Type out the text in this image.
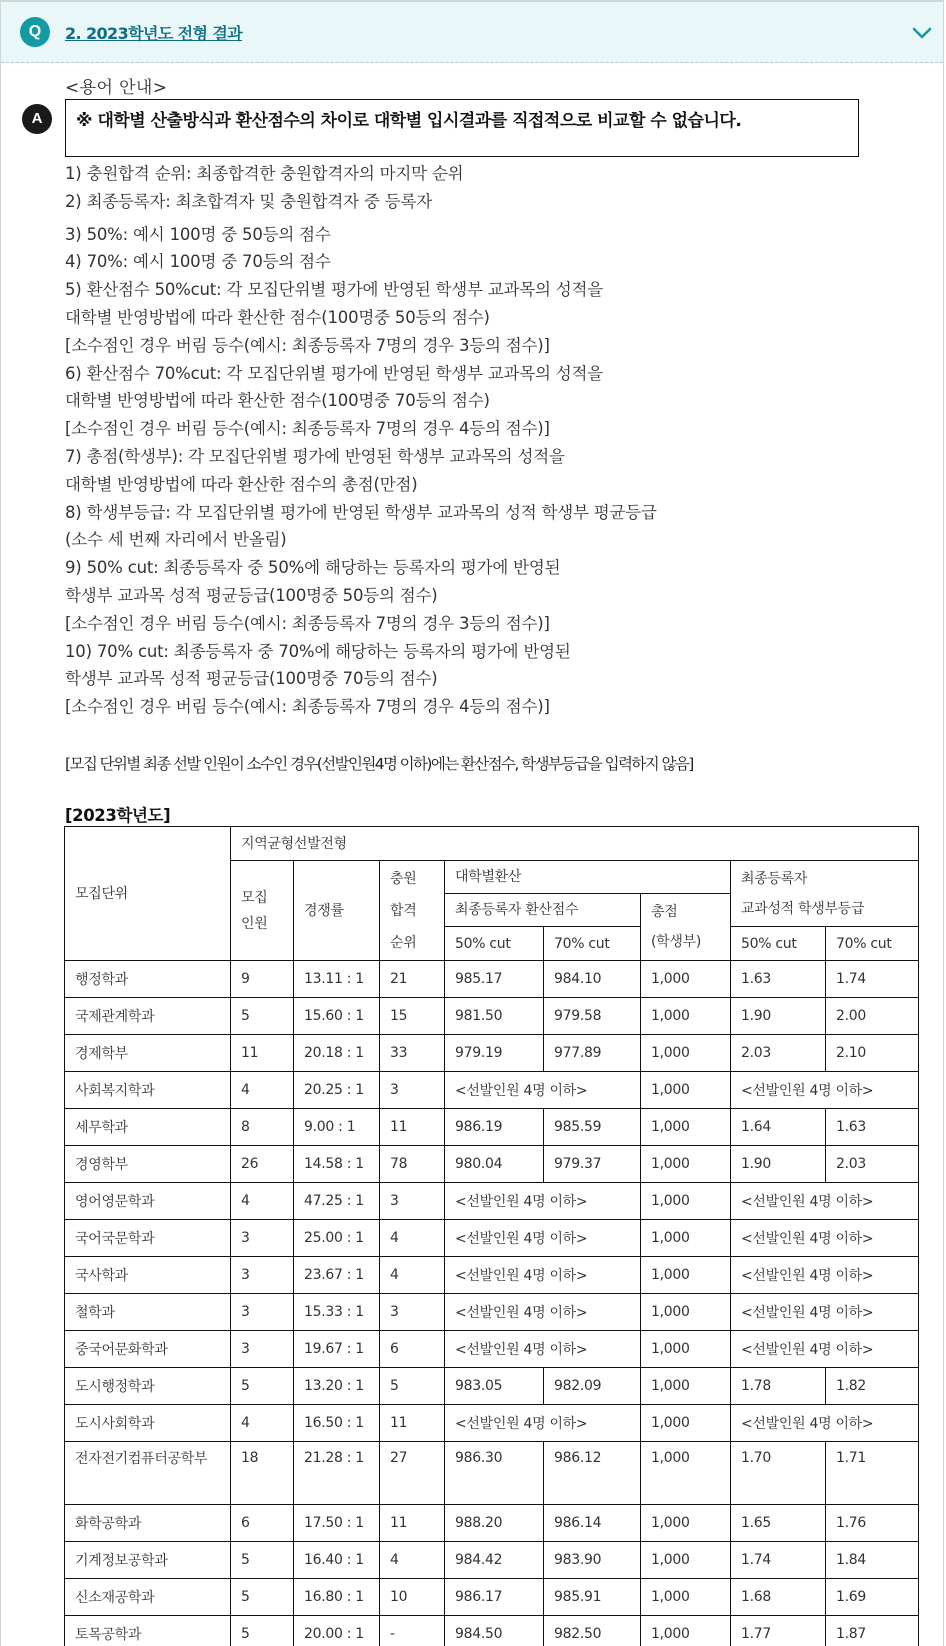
Q	2. 2023학년도 전형 결과
A
<용어 안내>
※ 대학별 산출방식과 환산점수의 차이로 대학별 입시결과를 직접적으로 비교할 수 없습니다.
1) 충원합격 순위: 최종합격한 충원합격자의 마지막 순위
2) 최종등록자: 최초합격자 및 충원합격자 중 등록자
3) 50%: 예시 100명 중 50등의 점수
4) 70%: 예시 100명 중 70등의 점수
5) 환산점수 50%cut: 각 모집단위별 평가에 반영된 학생부 교과목의 성적을
대학별 반영방법에 따라 환산한 점수(100명중 50등의 점수)
[소수점인 경우 버림 등수(예시: 최종등록자 7명의 경우 3등의 점수)]
6) 환산점수 70%cut: 각 모집단위별 평가에 반영된 학생부 교과목의 성적을
대학별 반영방법에 따라 환산한 점수(100명중 70등의 점수)
[소수점인 경우 버림 등수(예시: 최종등록자 7명의 경우 4등의 점수)]
7) 총점(학생부): 각 모집단위별 평가에 반영된 학생부 교과목의 성적을
대학별 반영방법에 따라 환산한 점수의 총점(만점)
8) 학생부등급: 각 모집단위별 평가에 반영된 학생부 교과목의 성적 학생부 평균등급
(소수 세 번째 자리에서 반올림)
9) 50% cut: 최종등록자 중 50%에 해당하는 등록자의 평가에 반영된
학생부 교과목 성적 평균등급(100명중 50등의 점수)
[소수점인 경우 버림 등수(예시: 최종등록자 7명의 경우 3등의 점수)]
10) 70% cut: 최종등록자 중 70%에 해당하는 등록자의 평가에 반영된
학생부 교과목 성적 평균등급(100명중 70등의 점수)
[소수점인 경우 버림 등수(예시: 최종등록자 7명의 경우 4등의 점수)]
[모집 단위별 최종 선발 인원이 소수인 경우(선발인원4명 이하)에는 환산점수, 학생부등급을 입력하지 않음]
[2023학년도]
모집단위	지역균형선발전형							
	모집
인원	경쟁률	충원
합격
순위	대학별환산			최종등록자
교과성적 학생부등급	
				최종등록자 환산점수		총점
(학생부)		
				50% cut	70% cut		50% cut	70% cut
행정학과	9	13.11 : 1	21	985.17	984.10	1,000	1.63	1.74
국제관계학과	5	15.60 : 1	15	981.50	979.58	1,000	1.90	2.00
경제학부	11	20.18 : 1	33	979.19	977.89	1,000	2.03	2.10
사회복지학과	4	20.25 : 1	3	<선발인원 4명 이하>		1,000	<선발인원 4명 이하>	
세무학과	8	9.00 : 1	11	986.19	985.59	1,000	1.64	1.63
경영학부	26	14.58 : 1	78	980.04	979.37	1,000	1.90	2.03
영어영문학과	4	47.25 : 1	3	<선발인원 4명 이하>		1,000	<선발인원 4명 이하>	
국어국문학과	3	25.00 : 1	4	<선발인원 4명 이하>		1,000	<선발인원 4명 이하>	
국사학과	3	23.67 : 1	4	<선발인원 4명 이하>		1,000	<선발인원 4명 이하>	
철학과	3	15.33 : 1	3	<선발인원 4명 이하>		1,000	<선발인원 4명 이하>	
중국어문화학과	3	19.67 : 1	6	<선발인원 4명 이하>		1,000	<선발인원 4명 이하>	
도시행정학과	5	13.20 : 1	5	983.05	982.09	1,000	1.78	1.82
도시사회학과	4	16.50 : 1	11	<선발인원 4명 이하>		1,000	<선발인원 4명 이하>	
전자전기컴퓨터공학부	18	21.28 : 1	27	986.30	986.12	1,000	1.70	1.71
화학공학과	6	17.50 : 1	11	988.20	986.14	1,000	1.65	1.76
기계정보공학과	5	16.40 : 1	4	984.42	983.90	1,000	1.74	1.84
신소재공학과	5	16.80 : 1	10	986.17	985.91	1,000	1.68	1.69
토목공학과	5	20.00 : 1	-	984.50	982.50	1,000	1.77	1.87
